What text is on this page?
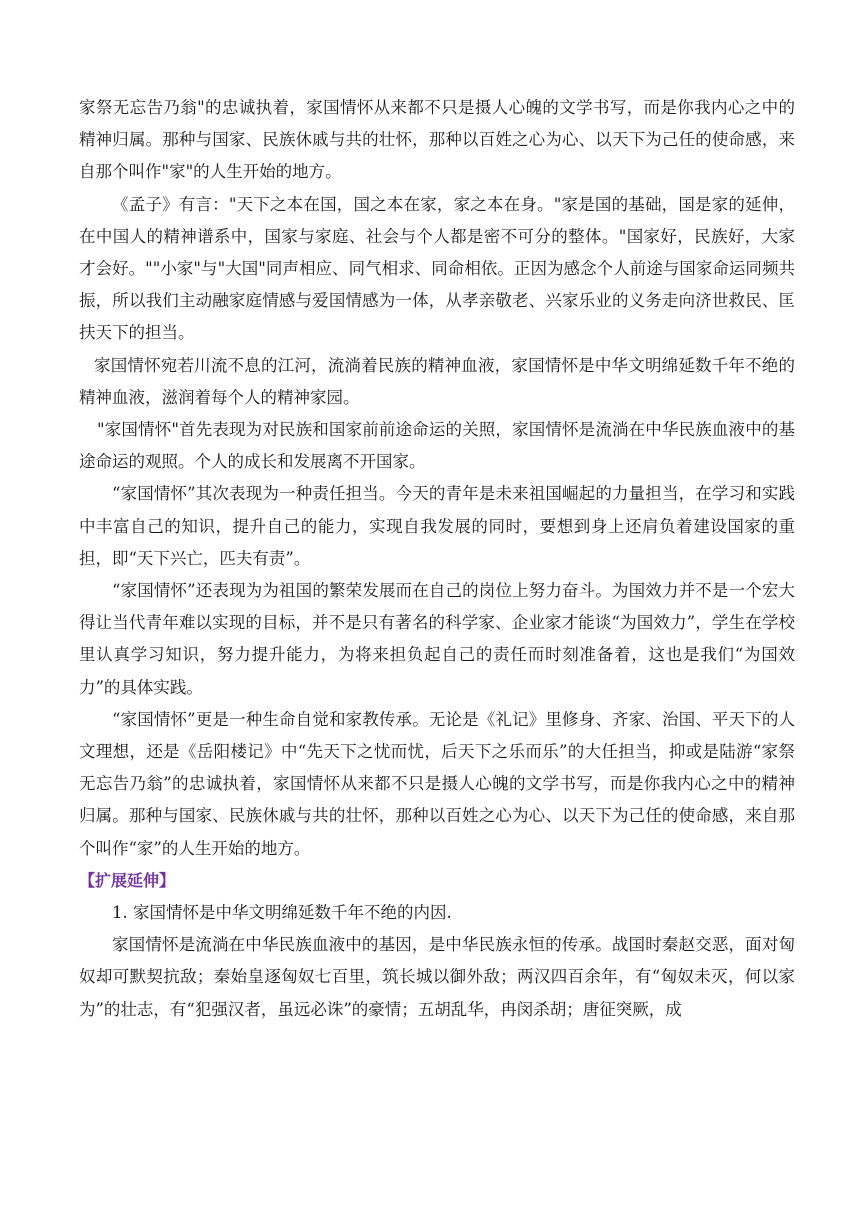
家祭无忘告乃翁"的忠诚执着，家国情怀从来都不只是摄人心魄的文学书写，而是你我内心之中的精神归属。那种与国家、民族休戚与共的壮怀，那种以百姓之心为心、以天下为己任的使命感，来自那个叫作"家"的人生开始的地方。

《孟子》有言："天下之本在国，国之本在家，家之本在身。"家是国的基础，国是家的延伸，在中国人的精神谱系中，国家与家庭、社会与个人都是密不可分的整体。"国家好，民族好，大家才会好。""小家"与"大国"同声相应、同气相求、同命相依。正因为感念个人前途与国家命运同频共振，所以我们主动融家庭情感与爱国情感为一体，从孝亲敬老、兴家乐业的义务走向济世救民、匡扶天下的担当。

家国情怀宛若川流不息的江河，流淌着民族的精神血液，家国情怀是中华文明绵延数千年不绝的精神血液，滋润着每个人的精神家园。

"家国情怀"首先表现为对民族和国家前前途命运的关照，家国情怀是流淌在中华民族血液中的基途命运的观照。个人的成长和发展离不开国家。

“家国情怀”其次表现为一种责任担当。今天的青年是未来祖国崛起的力量担当，在学习和实践中丰富自己的知识，提升自己的能力，实现自我发展的同时，要想到身上还肩负着建设国家的重担，即“天下兴亡，匹夫有责”。

“家国情怀”还表现为为祖国的繁荣发展而在自己的岗位上努力奋斗。为国效力并不是一个宏大得让当代青年难以实现的目标，并不是只有著名的科学家、企业家才能谈“为国效力”，学生在学校里认真学习知识，努力提升能力，为将来担负起自己的责任而时刻准备着，这也是我们“为国效力”的具体实践。

“家国情怀”更是一种生命自觉和家教传承。无论是《礼记》里修身、齐家、治国、平天下的人文理想，还是《岳阳楼记》中“先天下之忧而忧，后天下之乐而乐”的大任担当，抑或是陆游“家祭无忘告乃翁”的忠诚执着，家国情怀从来都不只是摄人心魄的文学书写，而是你我内心之中的精神归属。那种与国家、民族休戚与共的壮怀，那种以百姓之心为心、以天下为己任的使命感，来自那个叫作“家”的人生开始的地方。

【扩展延伸】

1. 家国情怀是中华文明绵延数千年不绝的内因.

家国情怀是流淌在中华民族血液中的基因，是中华民族永恒的传承。战国时秦赵交恶，面对匈奴却可默契抗敌；秦始皇逐匈奴七百里，筑长城以御外敌；两汉四百余年，有“匈奴未灭，何以家为”的壮志，有“犯强汉者，虽远必诛”的豪情；五胡乱华，冉闵杀胡；唐征突厥，成
